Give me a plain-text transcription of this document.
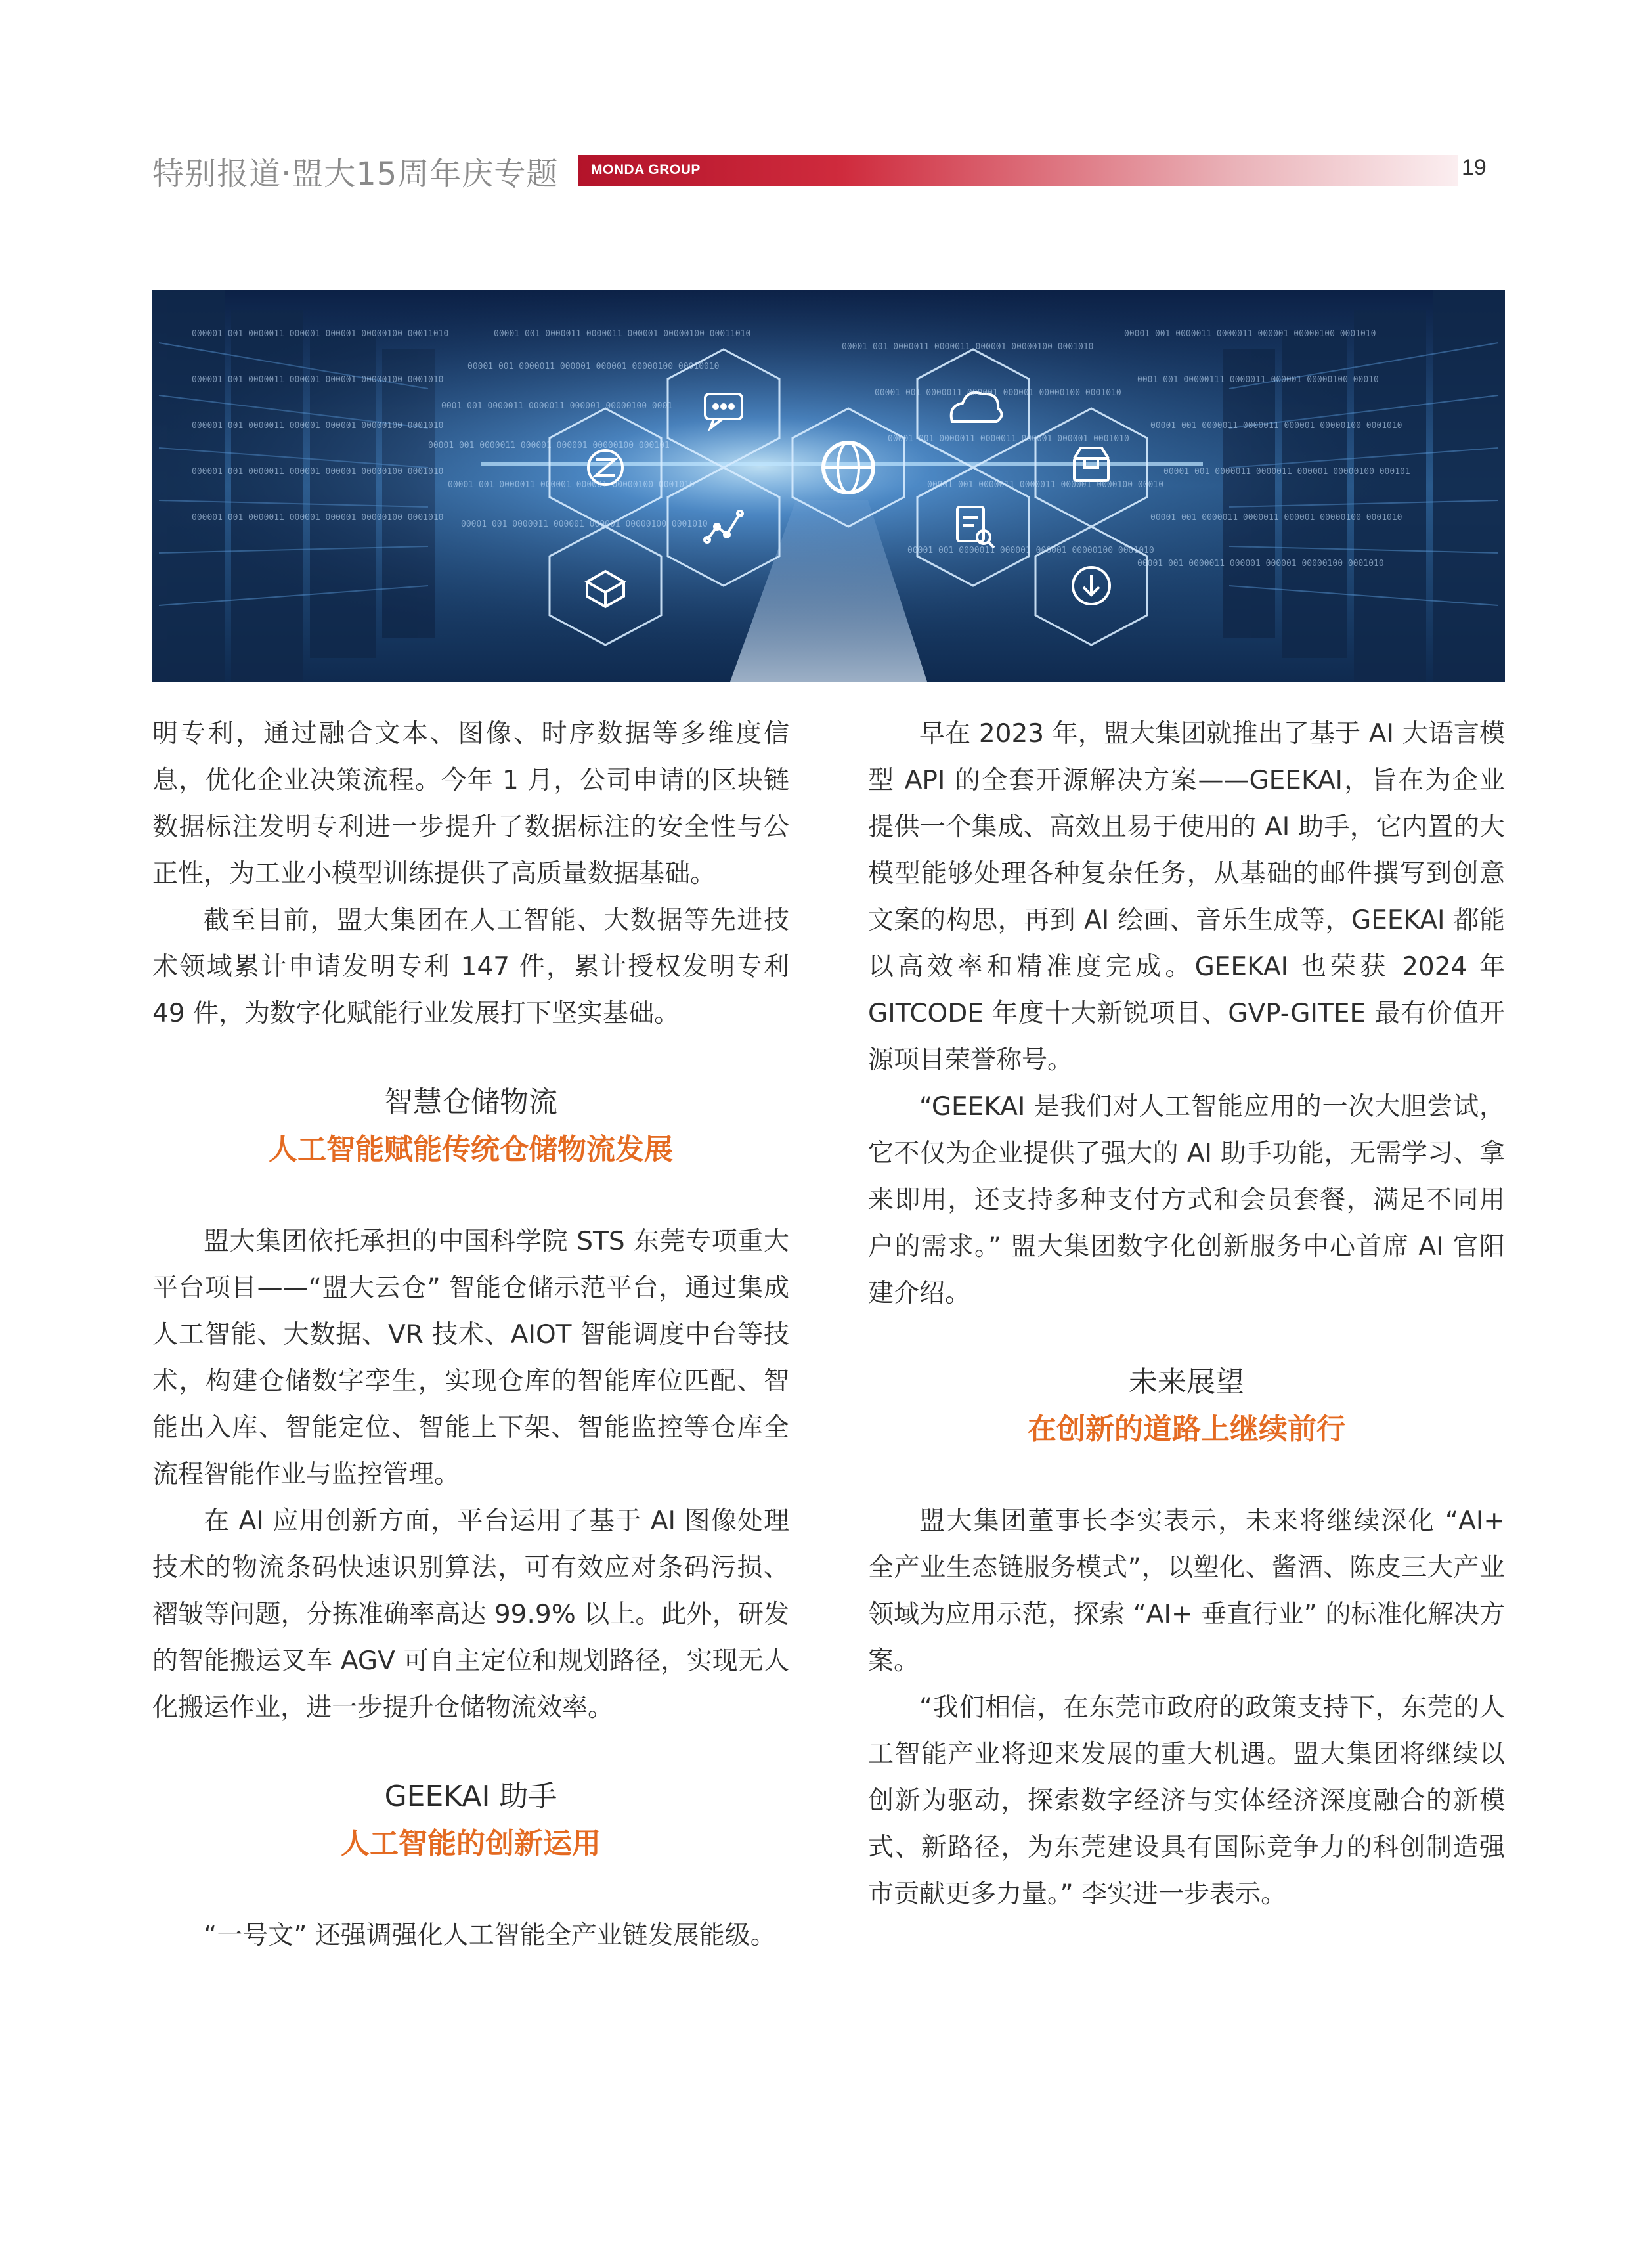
特别报道·盟大15周年庆专题 MONDA GROUP	19
00001 001 0000011 0000011 000001 00000100 00011010
00001 001 0000011 000001 000001 00000100 00010010
0001 001 0000011 0000011 000001 00000100 0001
00001 001 0000011 000001 000001 00000100 000101
00001 001 0000011 000001 000001 00000100 0001010
00001 001 0000011 000001 000001 00000100 0001010
00001 001 0000011 0000011 000001 00000100 0001010
00001 001 0000011 000001 000001 00000100 0001010
00001 001 0000011 0000011 000001 000001 0001010
00001 001 0000011 0000011 000001 0000100 00010
00001 001 0000011 000001 000001 00000100 0001010
00001 001 0000011 0000011 000001 00000100 0001010
0001 001 00000111 0000011 000001 00000100 00010
00001 001 0000011 0000011 000001 00000100 0001010
00001 001 0000011 0000011 000001 00000100 000101
00001 001 0000011 0000011 000001 00000100 0001010
00001 001 0000011 000001 000001 00000100 0001010
000001 001 0000011 000001 000001 00000100 00011010
000001 001 0000011 000001 000001 00000100 0001010
000001 001 0000011 000001 000001 00000100 0001010
000001 001 0000011 000001 000001 00000100 0001010
000001 001 0000011 000001 000001 00000100 0001010

明专利，通过融合文本、图像、时序数据等多维度信息，优化企业决策流程。今年 1 月，公司申请的区块链数据标注发明专利进一步提升了数据标注的安全性与公正性，为工业小模型训练提供了高质量数据基础。

截至目前，盟大集团在人工智能、大数据等先进技术领域累计申请发明专利 147 件，累计授权发明专利 49 件，为数字化赋能行业发展打下坚实基础。

智慧仓储物流

人工智能赋能传统仓储物流发展

盟大集团依托承担的中国科学院 STS 东莞专项重大平台项目——“盟大云仓” 智能仓储示范平台，通过集成人工智能、大数据、VR 技术、AIOT 智能调度中台等技术，构建仓储数字孪生，实现仓库的智能库位匹配、智能出入库、智能定位、智能上下架、智能监控等仓库全流程智能作业与监控管理。

在 AI 应用创新方面，平台运用了基于 AI 图像处理技术的物流条码快速识别算法，可有效应对条码污损、褶皱等问题，分拣准确率高达 99.9% 以上。此外，研发的智能搬运叉车 AGV 可自主定位和规划路径，实现无人化搬运作业，进一步提升仓储物流效率。

GEEKAI 助手

人工智能的创新运用

“一号文” 还强调强化人工智能全产业链发展能级。

早在 2023 年，盟大集团就推出了基于 AI 大语言模型 API 的全套开源解决方案——GEEKAI，旨在为企业提供一个集成、高效且易于使用的 AI 助手，它内置的大模型能够处理各种复杂任务，从基础的邮件撰写到创意文案的构思，再到 AI 绘画、音乐生成等，GEEKAI 都能以高效率和精准度完成。GEEKAI 也荣获 2024 年 GITCODE 年度十大新锐项目、GVP-GITEE 最有价值开源项目荣誉称号。

“GEEKAI 是我们对人工智能应用的一次大胆尝试，它不仅为企业提供了强大的 AI 助手功能，无需学习、拿来即用，还支持多种支付方式和会员套餐，满足不同用户的需求。” 盟大集团数字化创新服务中心首席 AI 官阳建介绍。

未来展望

在创新的道路上继续前行

盟大集团董事长李实表示，未来将继续深化 “AI+ 全产业生态链服务模式”，以塑化、酱酒、陈皮三大产业领域为应用示范，探索 “AI+ 垂直行业” 的标准化解决方案。

“我们相信，在东莞市政府的政策支持下，东莞的人工智能产业将迎来发展的重大机遇。盟大集团将继续以创新为驱动，探索数字经济与实体经济深度融合的新模式、新路径，为东莞建设具有国际竞争力的科创制造强市贡献更多力量。” 李实进一步表示。
